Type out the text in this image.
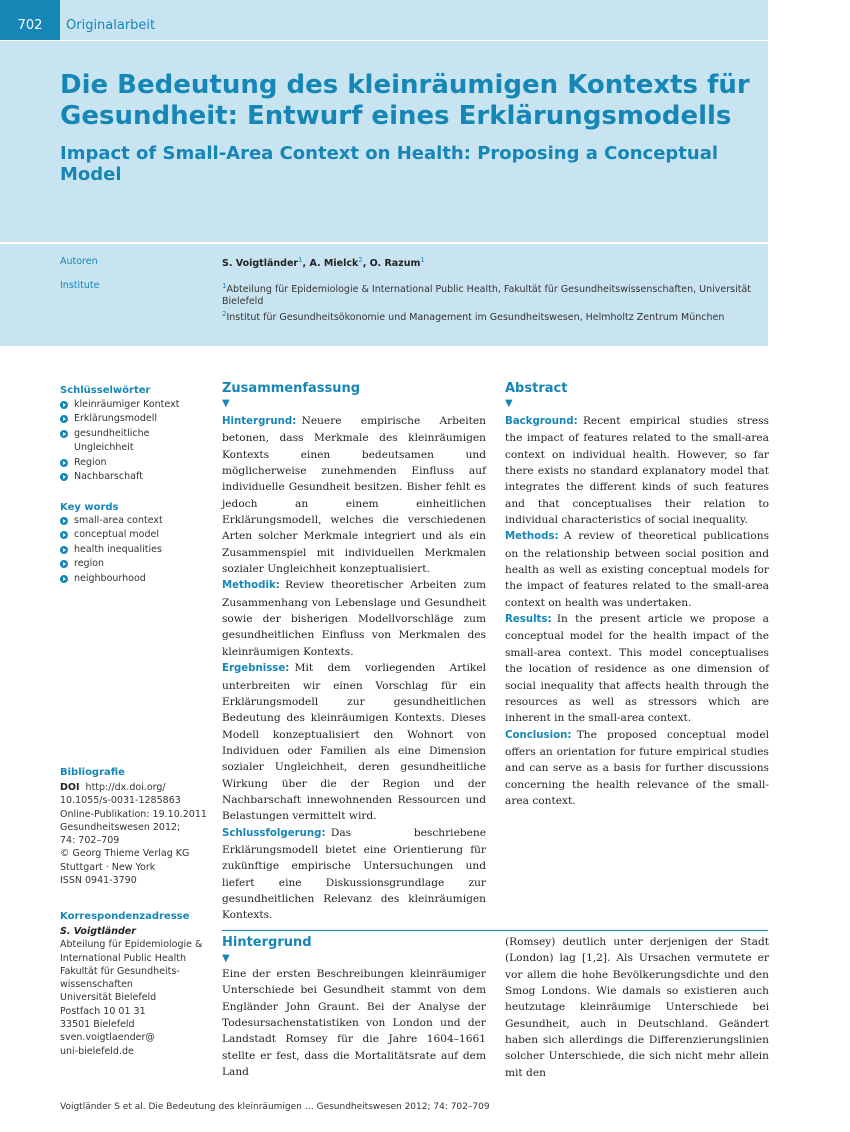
702	Originalarbeit
Die Bedeutung des kleinräumigen Kontexts für Gesundheit: Entwurf eines Erklärungsmodells
Impact of Small-Area Context on Health: Proposing a Conceptual Model
Autoren
Institute
S. Voigtländer$^1$, A. Mielck$^2$, O. Razum$^1$
$^1$Abteilung für Epidemiologie & International Public Health, Fakultät für Gesundheitswissenschaften, Universität Bielefeld
$^2$Institut für Gesundheitsökonomie und Management im Gesundheitswesen, Helmholtz Zentrum München
Schlüsselwörter
kleinräumiger Kontext
Erklärungsmodell
gesundheitliche Ungleichheit
Region
Nachbarschaft
Key words
small-area context
conceptual model
health inequalities
region
neighbourhood
Bibliografie
DOI http://dx.doi.org/
10.1055/s-0031-1285863
Online-Publikation: 19.10.2011
Gesundheitswesen 2012;
74: 702–709
© Georg Thieme Verlag KG
Stuttgart · New York
ISSN 0941-3790
Korrespondenzadresse
S. Voigtländer
Abteilung für Epidemiologie &
International Public Health
Fakultät für Gesundheits-
wissenschaften
Universität Bielefeld
Postfach 10 01 31
33501 Bielefeld
sven.voigtlaender@
uni-bielefeld.de
Zusammenfassung
▼

Hintergrund:  Neuere empirische Arbeiten betonen, dass Merkmale des kleinräumigen Kontexts einen bedeutsamen und möglicherweise zunehmenden Einfluss auf individuelle Gesundheit besitzen. Bisher fehlt es jedoch an einem einheitlichen Erklärungsmodell, welches die verschiedenen Arten solcher Merkmale integriert und als ein Zusammenspiel mit individuellen Merkmalen sozialer Ungleichheit konzeptualisiert.

Methodik:  Review theoretischer Arbeiten zum Zusammenhang von Lebenslage und Gesundheit sowie der bisherigen Modellvorschläge zum gesundheitlichen Einfluss von Merkmalen des kleinräumigen Kontexts.

Ergebnisse:  Mit dem vorliegenden Artikel unterbreiten wir einen Vorschlag für ein Erklärungsmodell zur gesundheitlichen Bedeutung des kleinräumigen Kontexts. Dieses Modell konzeptualisiert den Wohnort von Individuen oder Familien als eine Dimension sozialer Ungleichheit, deren gesundheitliche Wirkung über die der Region und der Nachbarschaft innewohnenden Ressourcen und Belastungen vermittelt wird.

Schlussfolgerung:  Das beschriebene Erklärungsmodell bietet eine Orientierung für zukünftige empirische Untersuchungen und liefert eine Diskussionsgrundlage zur gesundheitlichen Relevanz des kleinräumigen Kontexts.

Abstract
▼

Background:  Recent empirical studies stress the impact of features related to the small-area context on individual health. However, so far there exists no standard explanatory model that integrates the different kinds of such features and that conceptualises their relation to individual characteristics of social inequality.

Methods:  A review of theoretical publications on the relationship between social position and health as well as existing conceptual models for the impact of features related to the small-area context on health was undertaken.

Results:  In the present article we propose a conceptual model for the health impact of the small-area context. This model conceptualises the location of residence as one dimension of social inequality that affects health through the resources as well as stressors which are inherent in the small-area context.

Conclusion:  The proposed conceptual model offers an orientation for future empirical studies and can serve as a basis for further discussions concerning the health relevance of the small-area context.

Hintergrund
▼

Eine der ersten Beschreibungen kleinräumiger Unterschiede bei Gesundheit stammt von dem Engländer John Graunt. Bei der Analyse der Todesursachenstatistiken von London und der Landstadt Romsey für die Jahre 1604–1661 stellte er fest, dass die Mortalitätsrate auf dem Land

(Romsey) deutlich unter derjenigen der Stadt (London) lag [1,2]. Als Ursachen vermutete er vor allem die hohe Bevölkerungsdichte und den Smog Londons. Wie damals so existieren auch heutzutage kleinräumige Unterschiede bei Gesundheit, auch in Deutschland. Geändert haben sich allerdings die Differenzierungslinien solcher Unterschiede, die sich nicht mehr allein mit den

Voigtländer S et al. Die Bedeutung des kleinräumigen … Gesundheitswesen 2012; 74: 702–709
